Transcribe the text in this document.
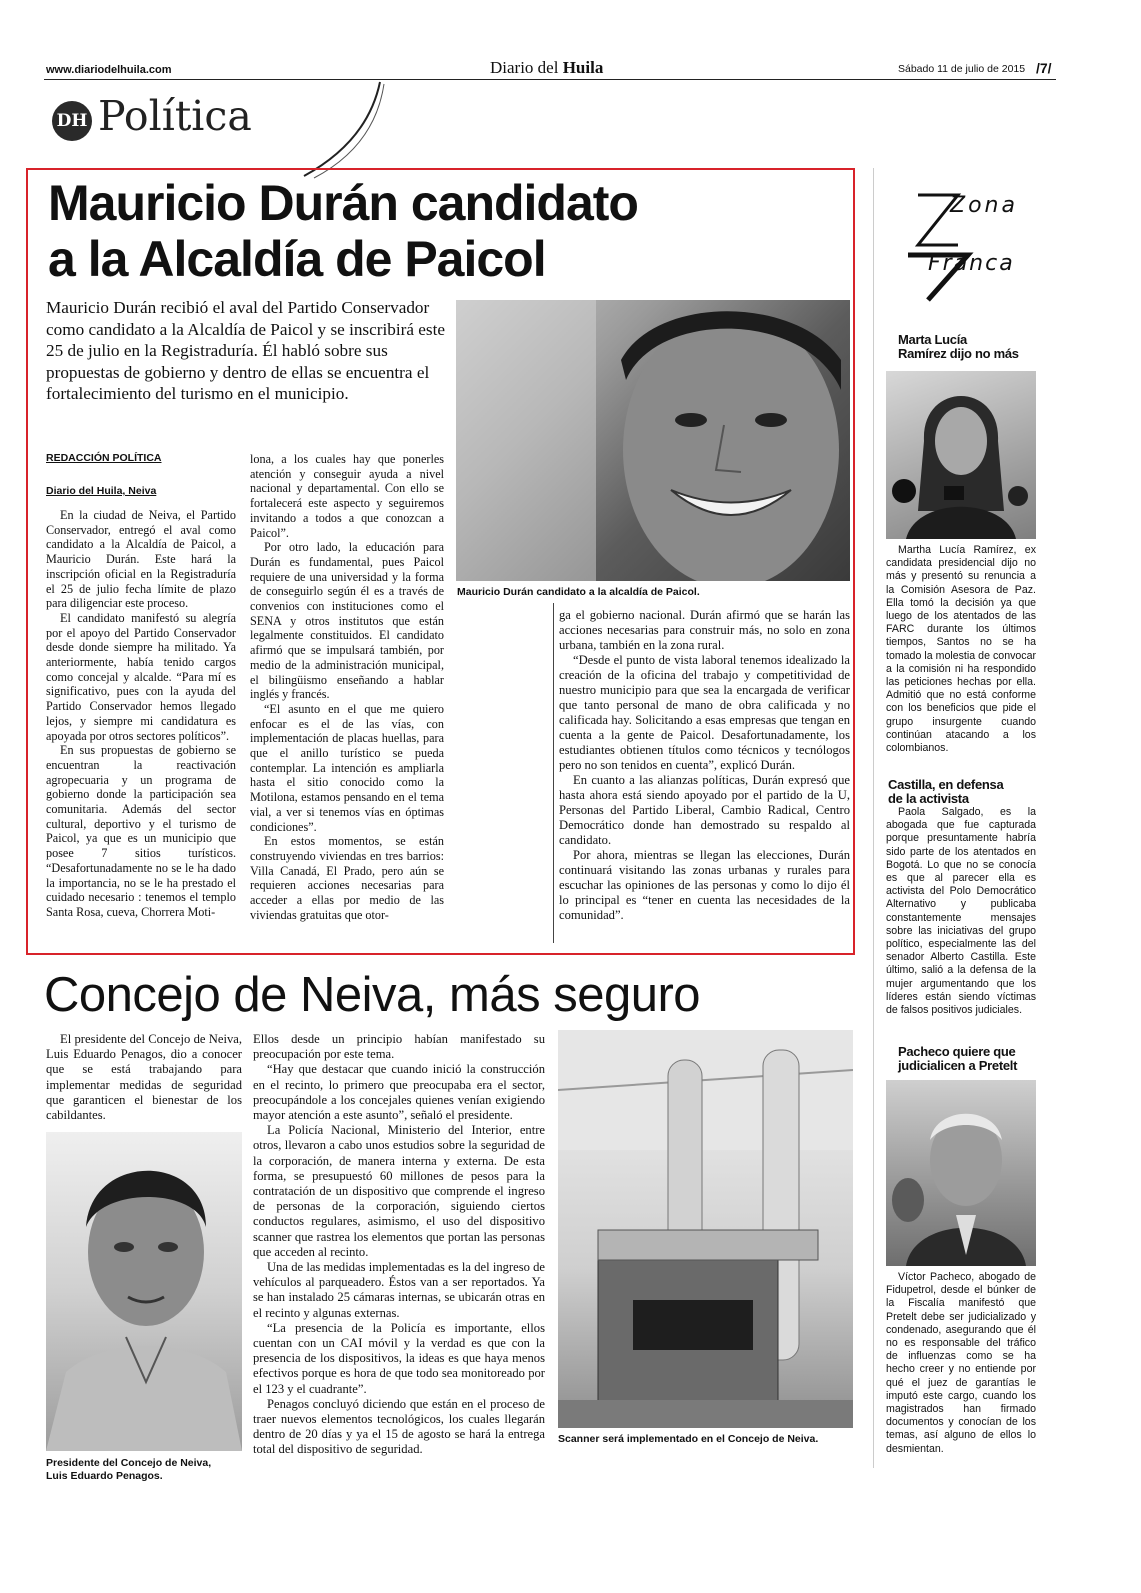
www.diariodelhuila.com	Diario del Huila	Sábado 11 de julio de 2015 /7/
DH Política
Mauricio Durán candidato
a la Alcaldía de Paicol
Mauricio Durán recibió el aval del Partido Conservador como candidato a la Alcaldía de Paicol y se inscribirá este 25 de julio en la Registraduría. Él habló sobre sus propuestas de gobierno y dentro de ellas se encuentra el fortalecimiento del turismo en el municipio.
REDACCIÓN POLÍTICA
Diario del Huila, Neiva

En la ciudad de Neiva, el Partido Conservador, entregó el aval como candidato a la Alcaldía de Paicol, a Mauricio Durán. Este hará la inscripción oficial en la Registraduría el 25 de julio fecha límite de plazo para diligenciar este proceso.

El candidato manifestó su alegría por el apoyo del Partido Conservador desde donde siempre ha militado. Ya anteriormente, había tenido cargos como concejal y alcalde. “Para mí es significativo, pues con la ayuda del Partido Conservador hemos llegado lejos, y siempre mi candidatura es apoyada por otros sectores políticos”.

En sus propuestas de gobierno se encuentran la reactivación agropecuaria y un programa de gobierno donde la participación sea comunitaria. Además del sector cultural, deportivo y el turismo de Paicol, ya que es un municipio que posee 7 sitios turísticos. “Desafortunadamente no se le ha dado la importancia, no se le ha prestado el cuidado necesario : tenemos el templo Santa Rosa, cueva, Chorrera Moti-

lona, a los cuales hay que ponerles atención y conseguir ayuda a nivel nacional y departamental. Con ello se fortalecerá este aspecto y seguiremos invitando a todos a que conozcan a Paicol”.

Por otro lado, la educación para Durán es fundamental, pues Paicol requiere de una universidad y la forma de conseguirlo según él es a través de convenios con instituciones como el SENA y otros institutos que están legalmente constituidos. El candidato afirmó que se impulsará también, por medio de la administración municipal, el bilingüismo enseñando a hablar inglés y francés.

“El asunto en el que me quiero enfocar es el de las vías, con implementación de placas huellas, para que el anillo turístico se pueda contemplar. La intención es ampliarla hasta el sitio conocido como la Motilona, estamos pensando en el tema vial, a ver si tenemos vías en óptimas condiciones”.

En estos momentos, se están construyendo viviendas en tres barrios: Villa Canadá, El Prado, pero aún se requieren acciones necesarias para acceder a ellas por medio de las viviendas gratuitas que otor-

ga el gobierno nacional. Durán afirmó que se harán las acciones necesarias para construir más, no solo en zona urbana, también en la zona rural.

“Desde el punto de vista laboral tenemos idealizado la creación de la oficina del trabajo y competitividad de nuestro municipio para que sea la encargada de verificar que tanto personal de mano de obra calificada y no calificada hay. Solicitando a esas empresas que tengan en cuenta a la gente de Paicol. Desafortunadamente, los estudiantes obtienen títulos como técnicos y tecnólogos pero no son tenidos en cuenta”, explicó Durán.

En cuanto a las alianzas políticas, Durán expresó que hasta ahora está siendo apoyado por el partido de la U, Personas del Partido Liberal, Cambio Radical, Centro Democrático donde han demostrado su respaldo al candidato.

Por ahora, mientras se llegan las elecciones, Durán continuará visitando las zonas urbanas y rurales para escuchar las opiniones de las personas y como lo dijo él lo principal es “tener en cuenta las necesidades de la comunidad”.

Mauricio Durán candidato a la alcaldía de Paicol.
Concejo de Neiva, más seguro

El presidente del Concejo de Neiva, Luis Eduardo Penagos, dio a conocer que se está trabajando para implementar medidas de seguridad que garanticen el bienestar de los cabildantes.

Presidente del Concejo de Neiva,
Luis Eduardo Penagos.

Ellos desde un principio habían manifestado su preocupación por este tema.

“Hay que destacar que cuando inició la construcción en el recinto, lo primero que preocupaba era el sector, preocupándole a los concejales quienes venían exigiendo mayor atención a este asunto”, señaló el presidente.

La Policía Nacional, Ministerio del Interior, entre otros, llevaron a cabo unos estudios sobre la seguridad de la corporación, de manera interna y externa. De esta forma, se presupuestó 60 millones de pesos para la contratación de un dispositivo que comprende el ingreso de personas de la corporación, siguiendo ciertos conductos regulares, asimismo, el uso del dispositivo scanner que rastrea los elementos que portan las personas que acceden al recinto.

Una de las medidas implementadas es la del ingreso de vehículos al parqueadero. Éstos van a ser reportados. Ya se han instalado 25 cámaras internas, se ubicarán otras en el recinto y algunas externas.

“La presencia de la Policía es importante, ellos cuentan con un CAI móvil y la verdad es que con la presencia de los dispositivos, la ideas es que haya menos efectivos porque es hora de que todo sea monitoreado por el 123 y el cuadrante”.

Penagos concluyó diciendo que están en el proceso de traer nuevos elementos tecnológicos, los cuales llegarán dentro de 20 días y ya el 15 de agosto se hará la entrega total del dispositivo de seguridad.

Scanner será implementado en el Concejo de Neiva.
Zona
Franca
Marta Lucía
Ramírez dijo no más

Martha Lucía Ramírez, ex candidata presidencial dijo no más y presentó su renuncia a la Comisión Asesora de Paz. Ella tomó la decisión ya que luego de los atentados de las FARC durante los últimos tiempos, Santos no se ha tomado la molestia de convocar a la comisión ni ha respondido las peticiones hechas por ella. Admitió que no está conforme con los beneficios que pide el grupo insurgente cuando continúan atacando a los colombianos.

Castilla, en defensa
de la activista

Paola Salgado, es la abogada que fue capturada porque presuntamente habría sido parte de los atentados en Bogotá. Lo que no se conocía es que al parecer ella es activista del Polo Democrático Alternativo y publicaba constantemente mensajes sobre las iniciativas del grupo político, especialmente las del senador Alberto Castilla. Este último, salió a la defensa de la mujer argumentando que los líderes están siendo víctimas de falsos positivos judiciales.

Pacheco quiere que
judicialicen a Pretelt

Víctor Pacheco, abogado de Fidupetrol, desde el búnker de la Fiscalía manifestó que Pretelt debe ser judicializado y condenado, asegurando que él no es responsable del tráfico de influenzas como se ha hecho creer y no entiende por qué el juez de garantías le imputó este cargo, cuando los magistrados han firmado documentos y conocían de los temas, así alguno de ellos lo desmientan.
